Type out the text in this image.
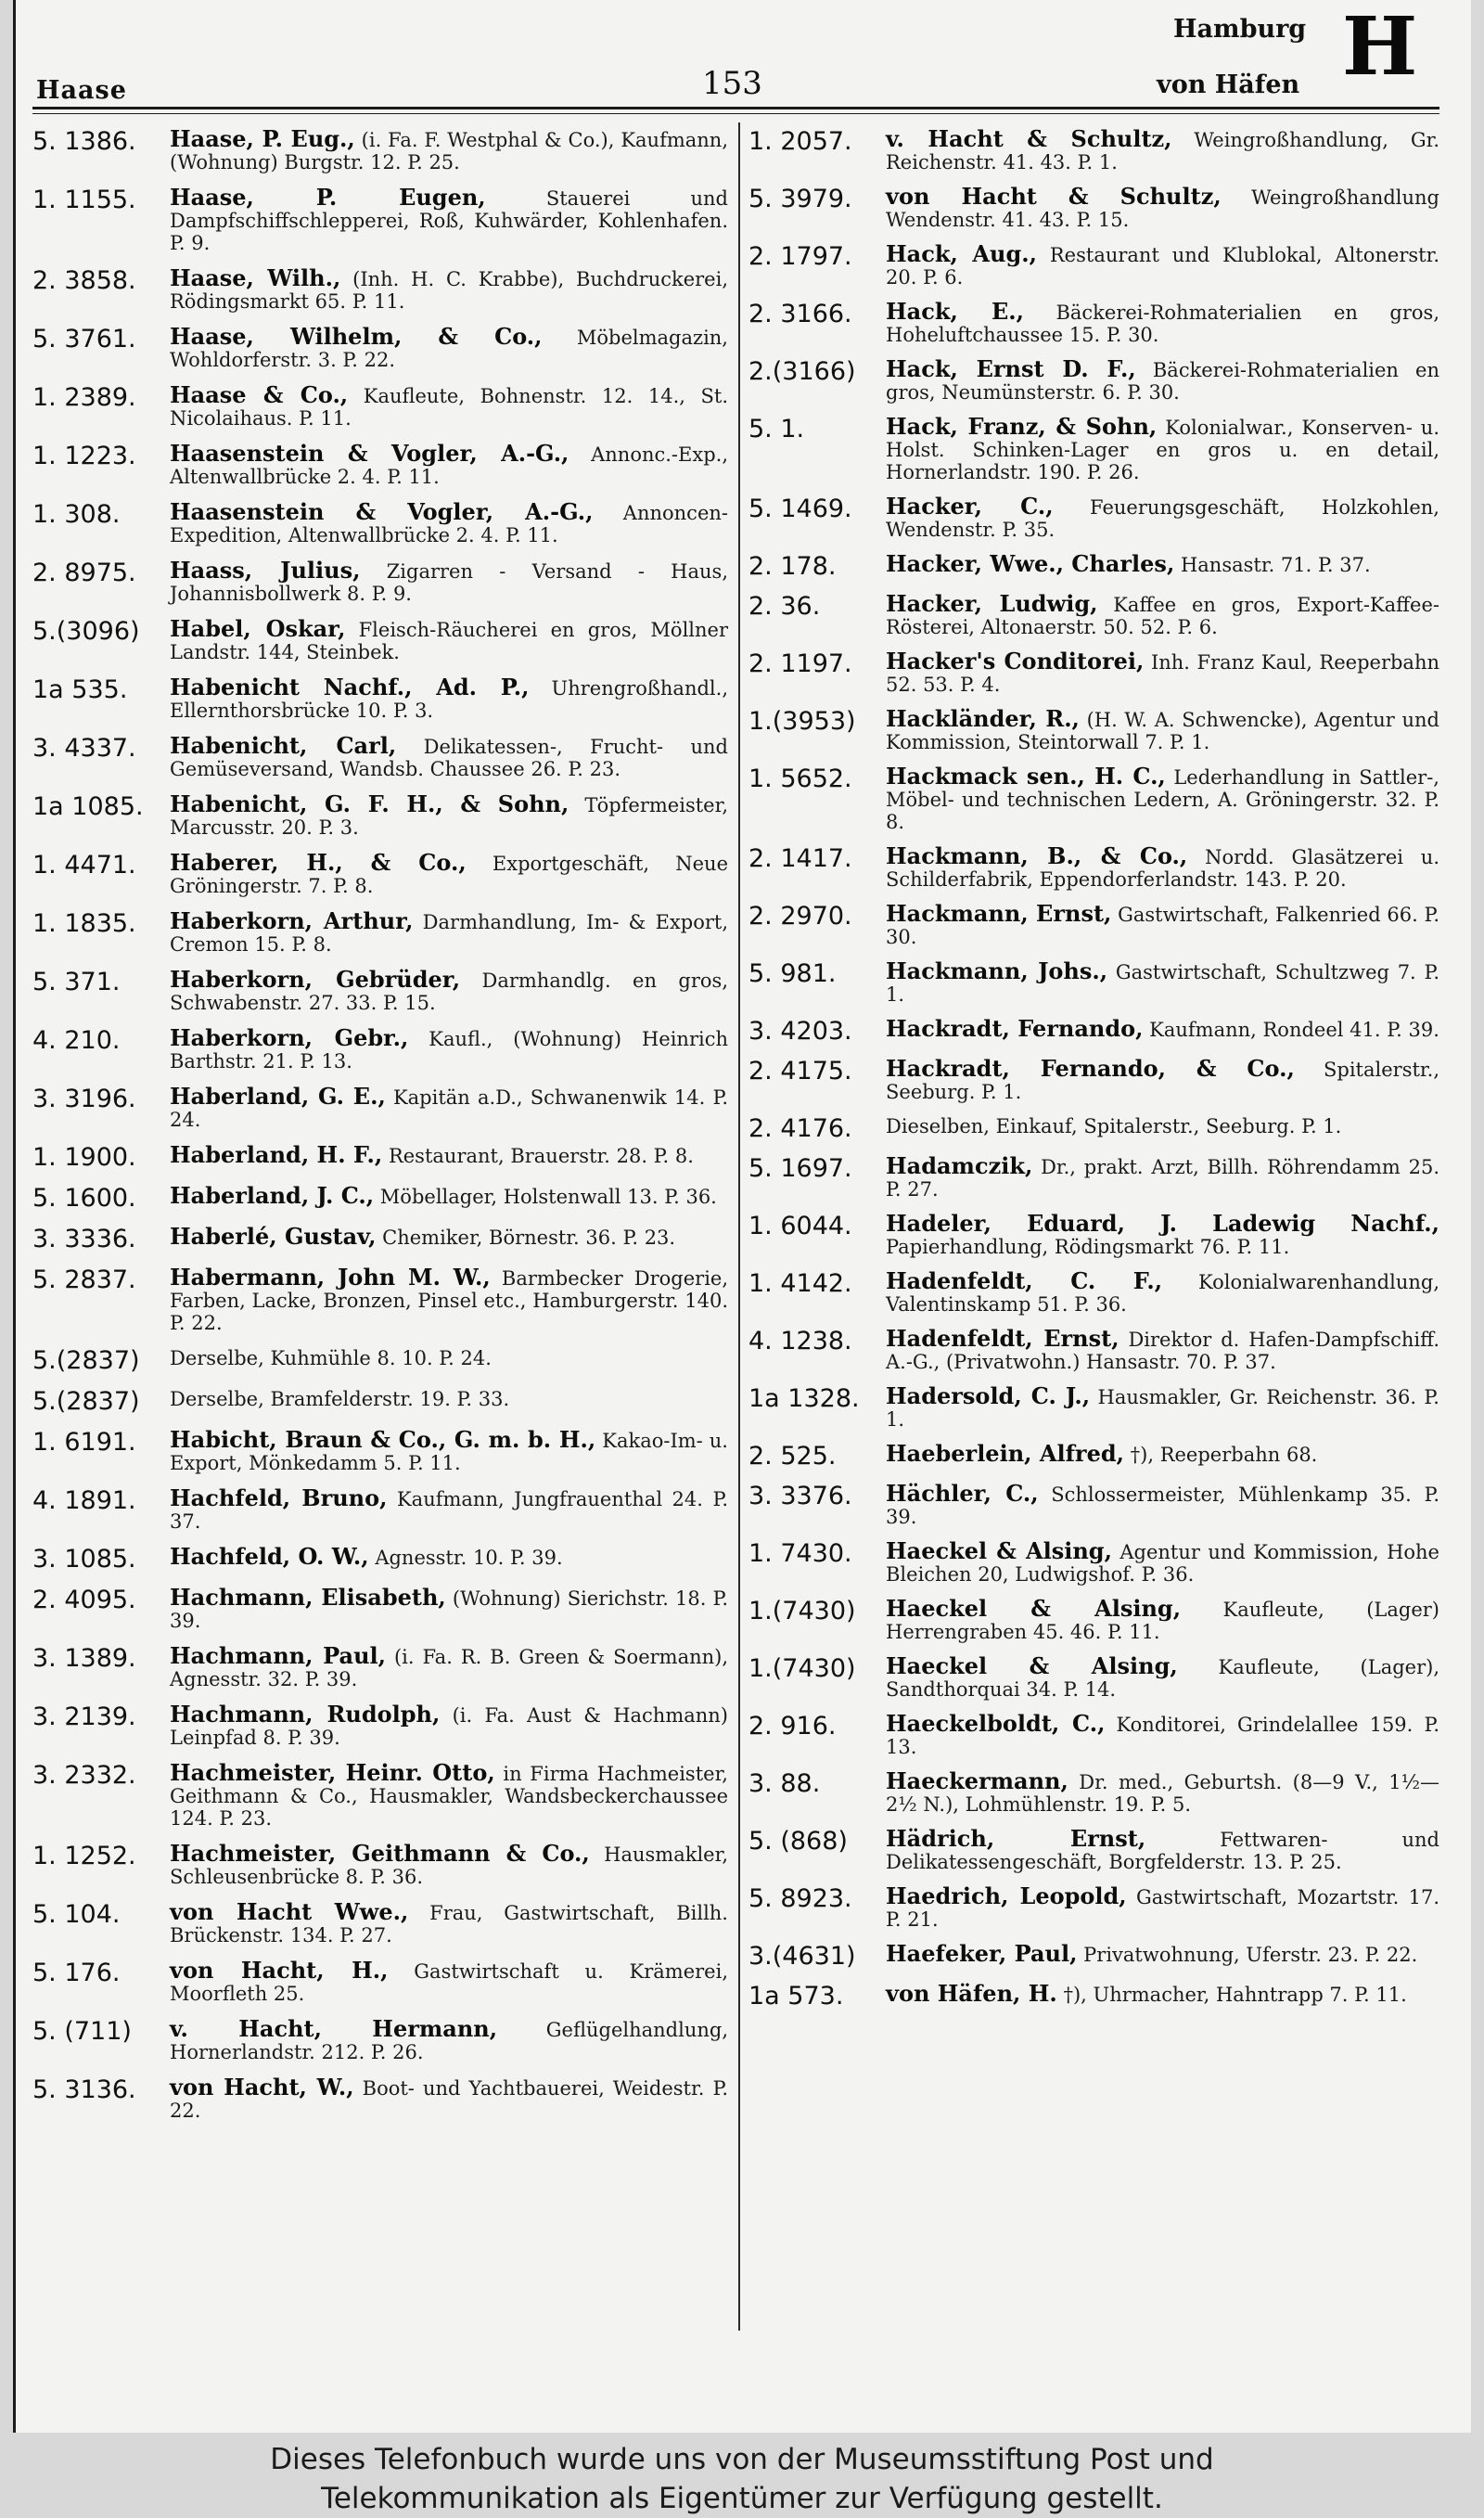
Haase	153
Hamburg
von Häfen H
5. 1386.	Haase, P. Eug., (i. Fa. F. Westphal & Co.), Kaufmann, (Wohnung) Burgstr. 12. P. 25.
1. 1155.	Haase, P. Eugen, Stauerei und Dampfschiffschlepperei, Roß, Kuhwärder, Kohlenhafen. P. 9.
2. 3858.	Haase, Wilh., (Inh. H. C. Krabbe), Buchdruckerei, Rödingsmarkt 65. P. 11.
5. 3761.	Haase, Wilhelm, & Co., Möbelmagazin, Wohldorferstr. 3. P. 22.
1. 2389.	Haase & Co., Kaufleute, Bohnenstr. 12. 14., St. Nicolaihaus. P. 11.
1. 1223.	Haasenstein & Vogler, A.-G., Annonc.-Exp., Altenwallbrücke 2. 4. P. 11.
1. 308.	Haasenstein & Vogler, A.-G., Annoncen-Expedition, Altenwallbrücke 2. 4. P. 11.
2. 8975.	Haass, Julius, Zigarren - Versand - Haus, Johannisbollwerk 8. P. 9.
5.(3096)	Habel, Oskar, Fleisch-Räucherei en gros, Möllner Landstr. 144, Steinbek.
1a 535.	Habenicht Nachf., Ad. P., Uhrengroßhandl., Ellernthorsbrücke 10. P. 3.
3. 4337.	Habenicht, Carl, Delikatessen-, Frucht- und Gemüseversand, Wandsb. Chaussee 26. P. 23.
1a 1085.	Habenicht, G. F. H., & Sohn, Töpfermeister, Marcusstr. 20. P. 3.
1. 4471.	Haberer, H., & Co., Exportgeschäft, Neue Gröningerstr. 7. P. 8.
1. 1835.	Haberkorn, Arthur, Darmhandlung, Im- & Export, Cremon 15. P. 8.
5. 371.	Haberkorn, Gebrüder, Darmhandlg. en gros, Schwabenstr. 27. 33. P. 15.
4. 210.	Haberkorn, Gebr., Kaufl., (Wohnung) Heinrich Barthstr. 21. P. 13.
3. 3196.	Haberland, G. E., Kapitän a.D., Schwanenwik 14. P. 24.
1. 1900.	Haberland, H. F., Restaurant, Brauerstr. 28. P. 8.
5. 1600.	Haberland, J. C., Möbellager, Holstenwall 13. P. 36.
3. 3336.	Haberlé, Gustav, Chemiker, Börnestr. 36. P. 23.
5. 2837.	Habermann, John M. W., Barmbecker Drogerie, Farben, Lacke, Bronzen, Pinsel etc., Hamburgerstr. 140. P. 22.
5.(2837)	Derselbe, Kuhmühle 8. 10. P. 24.
5.(2837)	Derselbe, Bramfelderstr. 19. P. 33.
1. 6191.	Habicht, Braun & Co., G. m. b. H., Kakao-Im- u. Export, Mönkedamm 5. P. 11.
4. 1891.	Hachfeld, Bruno, Kaufmann, Jungfrauenthal 24. P. 37.
3. 1085.	Hachfeld, O. W., Agnesstr. 10. P. 39.
2. 4095.	Hachmann, Elisabeth, (Wohnung) Sierichstr. 18. P. 39.
3. 1389.	Hachmann, Paul, (i. Fa. R. B. Green & Soermann), Agnesstr. 32. P. 39.
3. 2139.	Hachmann, Rudolph, (i. Fa. Aust & Hachmann) Leinpfad 8. P. 39.
3. 2332.	Hachmeister, Heinr. Otto, in Firma Hachmeister, Geithmann & Co., Hausmakler, Wandsbeckerchaussee 124. P. 23.
1. 1252.	Hachmeister, Geithmann & Co., Hausmakler, Schleusenbrücke 8. P. 36.
5. 104.	von Hacht Wwe., Frau, Gastwirtschaft, Billh. Brückenstr. 134. P. 27.
5. 176.	von Hacht, H., Gastwirtschaft u. Krämerei, Moorfleth 25.
5. (711)	v. Hacht, Hermann, Geflügelhandlung, Hornerlandstr. 212. P. 26.
5. 3136.	von Hacht, W., Boot- und Yachtbauerei, Weidestr. P. 22.
1. 2057.	v. Hacht & Schultz, Weingroßhandlung, Gr. Reichenstr. 41. 43. P. 1.
5. 3979.	von Hacht & Schultz, Weingroßhandlung Wendenstr. 41. 43. P. 15.
2. 1797.	Hack, Aug., Restaurant und Klublokal, Altonerstr. 20. P. 6.
2. 3166.	Hack, E., Bäckerei-Rohmaterialien en gros, Hoheluftchaussee 15. P. 30.
2.(3166)	Hack, Ernst D. F., Bäckerei-Rohmaterialien en gros, Neumünsterstr. 6. P. 30.
5. 1.	Hack, Franz, & Sohn, Kolonialwar., Konserven- u. Holst. Schinken-Lager en gros u. en detail, Hornerlandstr. 190. P. 26.
5. 1469.	Hacker, C., Feuerungsgeschäft, Holzkohlen, Wendenstr. P. 35.
2. 178.	Hacker, Wwe., Charles, Hansastr. 71. P. 37.
2. 36.	Hacker, Ludwig, Kaffee en gros, Export-Kaffee-Rösterei, Altonaerstr. 50. 52. P. 6.
2. 1197.	Hacker's Conditorei, Inh. Franz Kaul, Reeperbahn 52. 53. P. 4.
1.(3953)	Hackländer, R., (H. W. A. Schwencke), Agentur und Kommission, Steintorwall 7. P. 1.
1. 5652.	Hackmack sen., H. C., Lederhandlung in Sattler-, Möbel- und technischen Ledern, A. Gröningerstr. 32. P. 8.
2. 1417.	Hackmann, B., & Co., Nordd. Glasätzerei u. Schilderfabrik, Eppendorferlandstr. 143. P. 20.
2. 2970.	Hackmann, Ernst, Gastwirtschaft, Falkenried 66. P. 30.
5. 981.	Hackmann, Johs., Gastwirtschaft, Schultzweg 7. P. 1.
3. 4203.	Hackradt, Fernando, Kaufmann, Rondeel 41. P. 39.
2. 4175.	Hackradt, Fernando, & Co., Spitalerstr., Seeburg. P. 1.
2. 4176.	Dieselben, Einkauf, Spitalerstr., Seeburg. P. 1.
5. 1697.	Hadamczik, Dr., prakt. Arzt, Billh. Röhrendamm 25. P. 27.
1. 6044.	Hadeler, Eduard, J. Ladewig Nachf., Papierhandlung, Rödingsmarkt 76. P. 11.
1. 4142.	Hadenfeldt, C. F., Kolonialwarenhandlung, Valentinskamp 51. P. 36.
4. 1238.	Hadenfeldt, Ernst, Direktor d. Hafen-Dampfschiff. A.-G., (Privatwohn.) Hansastr. 70. P. 37.
1a 1328.	Hadersold, C. J., Hausmakler, Gr. Reichenstr. 36. P. 1.
2. 525.	Haeberlein, Alfred, †), Reeperbahn 68.
3. 3376.	Hächler, C., Schlossermeister, Mühlenkamp 35. P. 39.
1. 7430.	Haeckel & Alsing, Agentur und Kommission, Hohe Bleichen 20, Ludwigshof. P. 36.
1.(7430)	Haeckel & Alsing, Kaufleute, (Lager) Herrengraben 45. 46. P. 11.
1.(7430)	Haeckel & Alsing, Kaufleute, (Lager), Sandthorquai 34. P. 14.
2. 916.	Haeckelboldt, C., Konditorei, Grindelallee 159. P. 13.
3. 88.	Haeckermann, Dr. med., Geburtsh. (8—9 V., 1½—2½ N.), Lohmühlenstr. 19. P. 5.
5. (868)	Hädrich, Ernst, Fettwaren- und Delikatessengeschäft, Borgfelderstr. 13. P. 25.
5. 8923.	Haedrich, Leopold, Gastwirtschaft, Mozartstr. 17. P. 21.
3.(4631)	Haefeker, Paul, Privatwohnung, Uferstr. 23. P. 22.
1a 573.	von Häfen, H. †), Uhrmacher, Hahntrapp 7. P. 11.
Dieses Telefonbuch wurde uns von der Museumsstiftung Post und
Telekommunikation als Eigentümer zur Verfügung gestellt.
